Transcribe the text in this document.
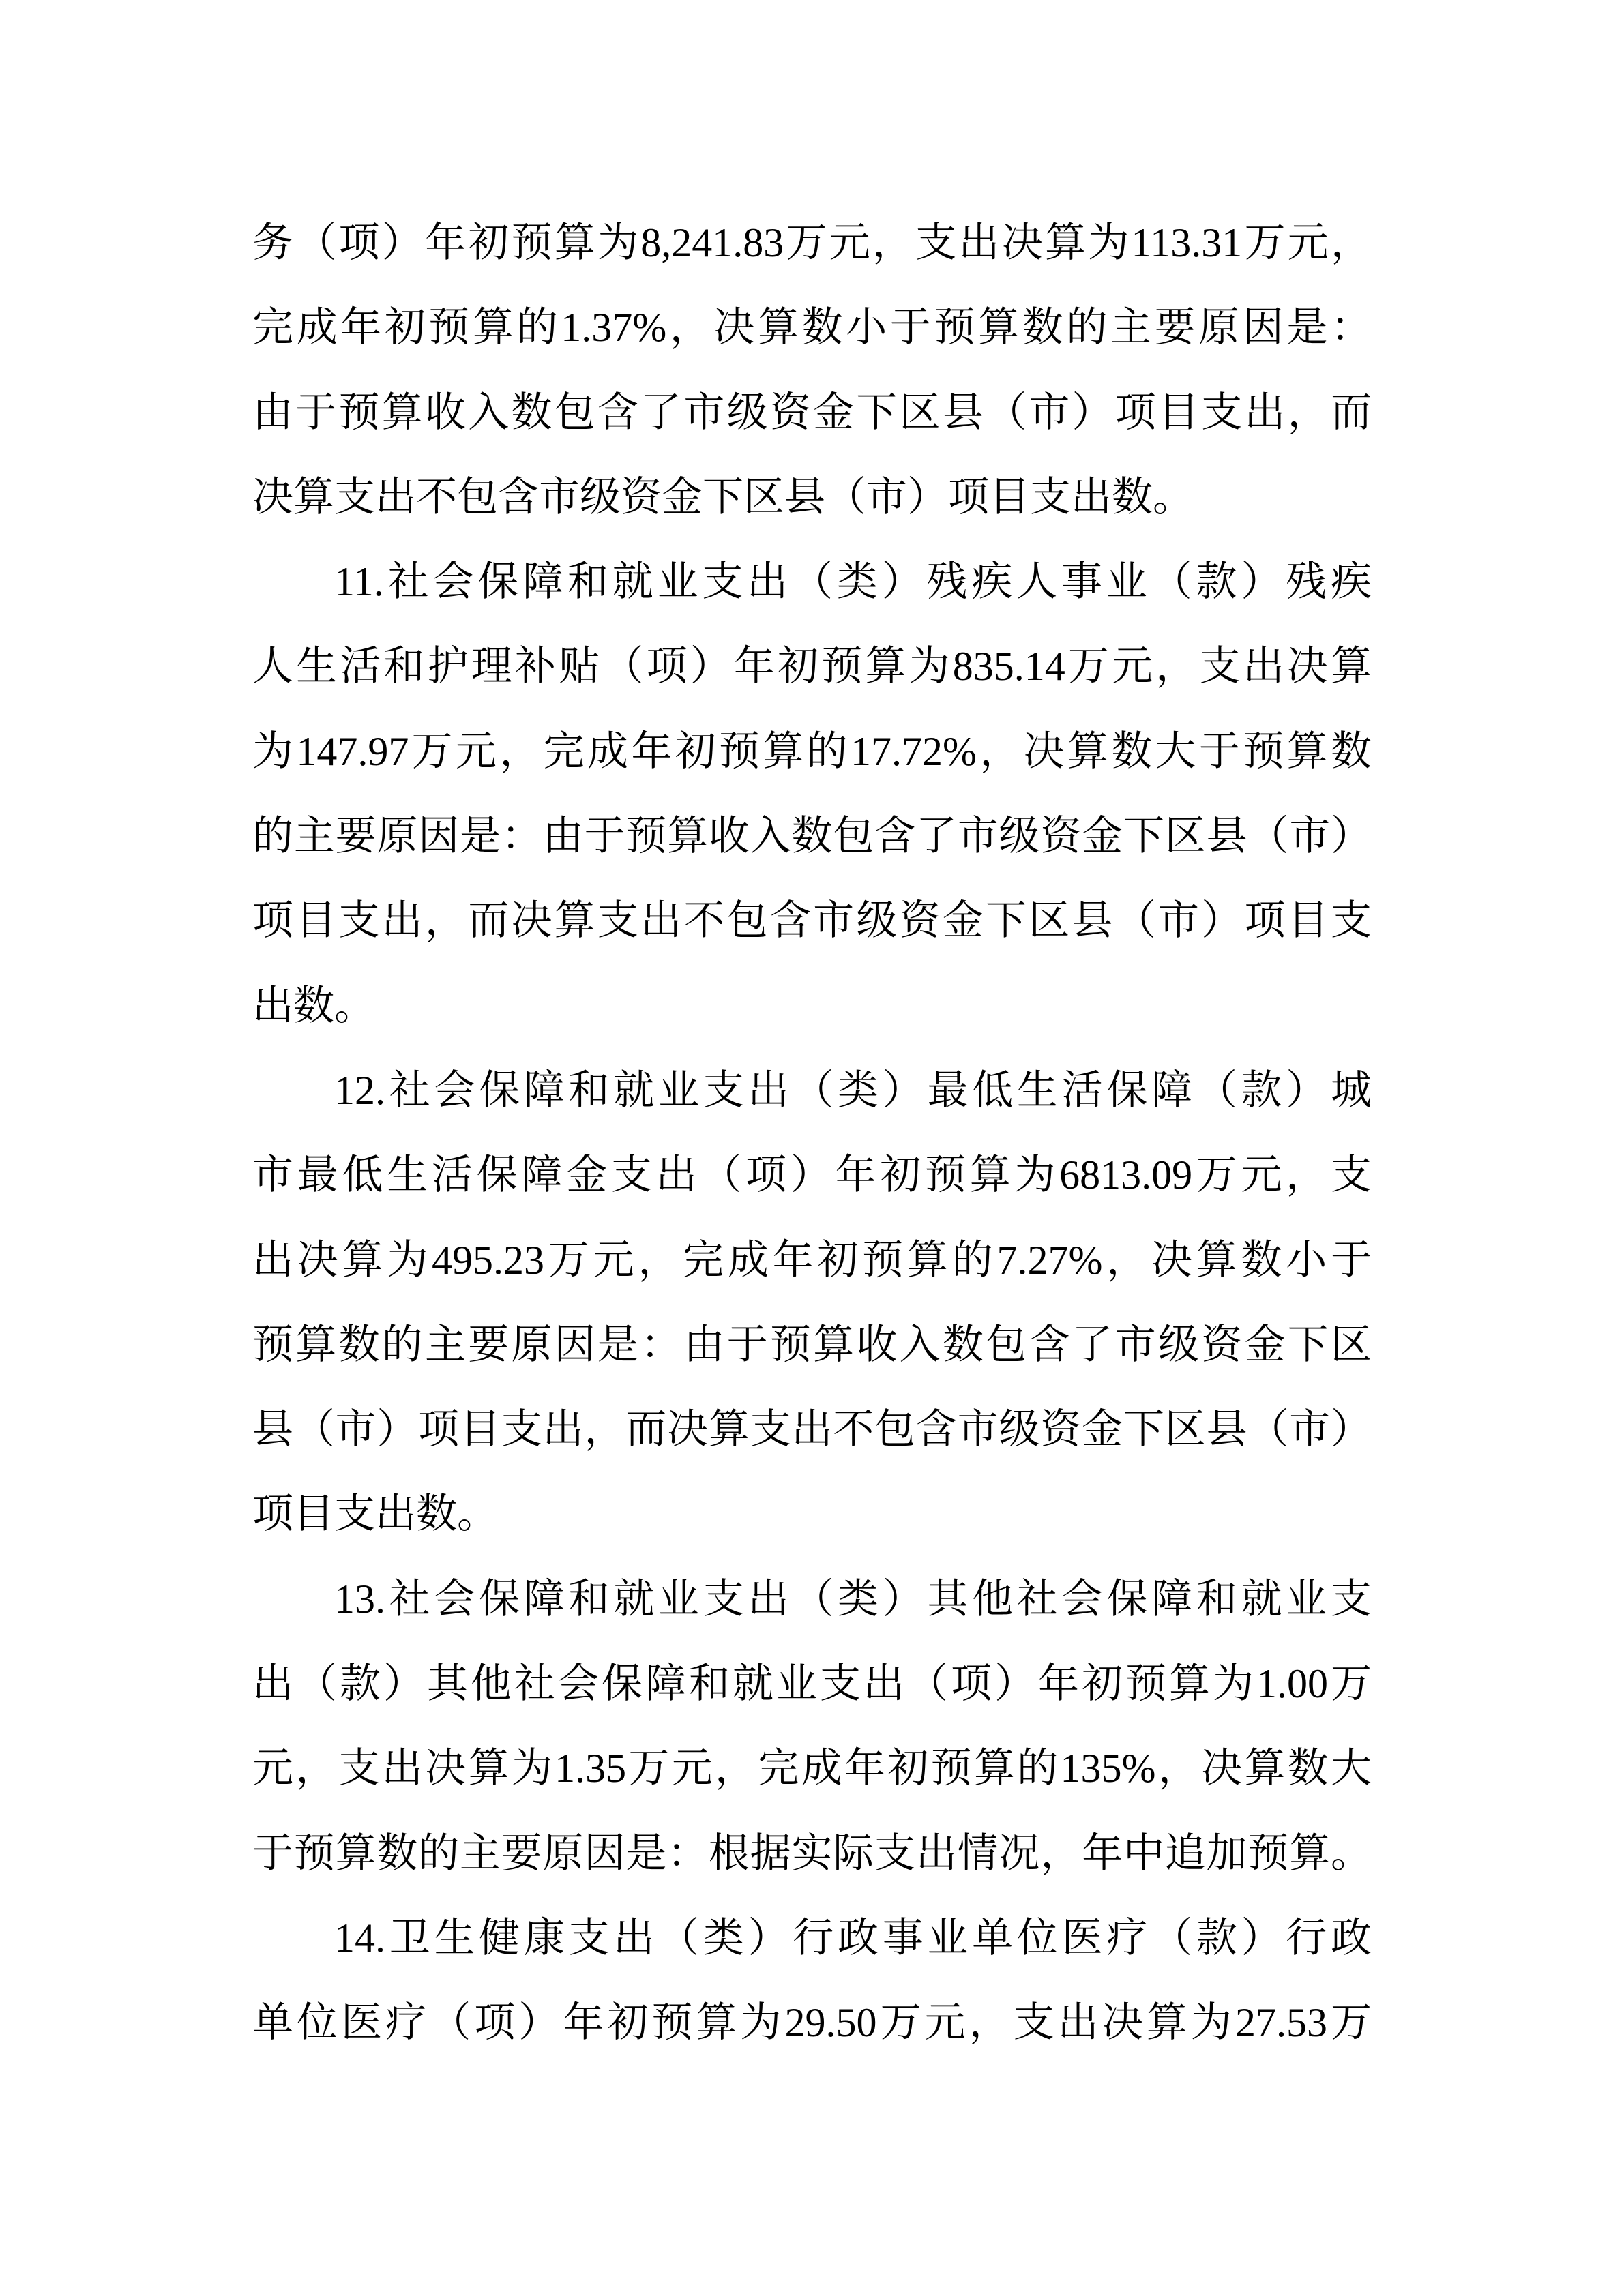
务（项）年初预算为8,241.83万元，支出决算为113.31万元，
完成年初预算的1.37%，决算数小于预算数的主要原因是：
由于预算收入数包含了市级资金下区县（市）项目支出，而
决算支出不包含市级资金下区县（市）项目支出数。
11.社会保障和就业支出（类）残疾人事业（款）残疾
人生活和护理补贴（项）年初预算为835.14万元，支出决算
为147.97万元，完成年初预算的17.72%，决算数大于预算数
的主要原因是：由于预算收入数包含了市级资金下区县（市）
项目支出，而决算支出不包含市级资金下区县（市）项目支
出数。
12.社会保障和就业支出（类）最低生活保障（款）城
市最低生活保障金支出（项）年初预算为6813.09万元，支
出决算为495.23万元，完成年初预算的7.27%，决算数小于
预算数的主要原因是：由于预算收入数包含了市级资金下区
县（市）项目支出，而决算支出不包含市级资金下区县（市）
项目支出数。
13.社会保障和就业支出（类）其他社会保障和就业支
出（款）其他社会保障和就业支出（项）年初预算为1.00万
元，支出决算为1.35万元，完成年初预算的135%，决算数大
于预算数的主要原因是：根据实际支出情况，年中追加预算。
14.卫生健康支出（类）行政事业单位医疗（款）行政
单位医疗（项）年初预算为29.50万元，支出决算为27.53万
